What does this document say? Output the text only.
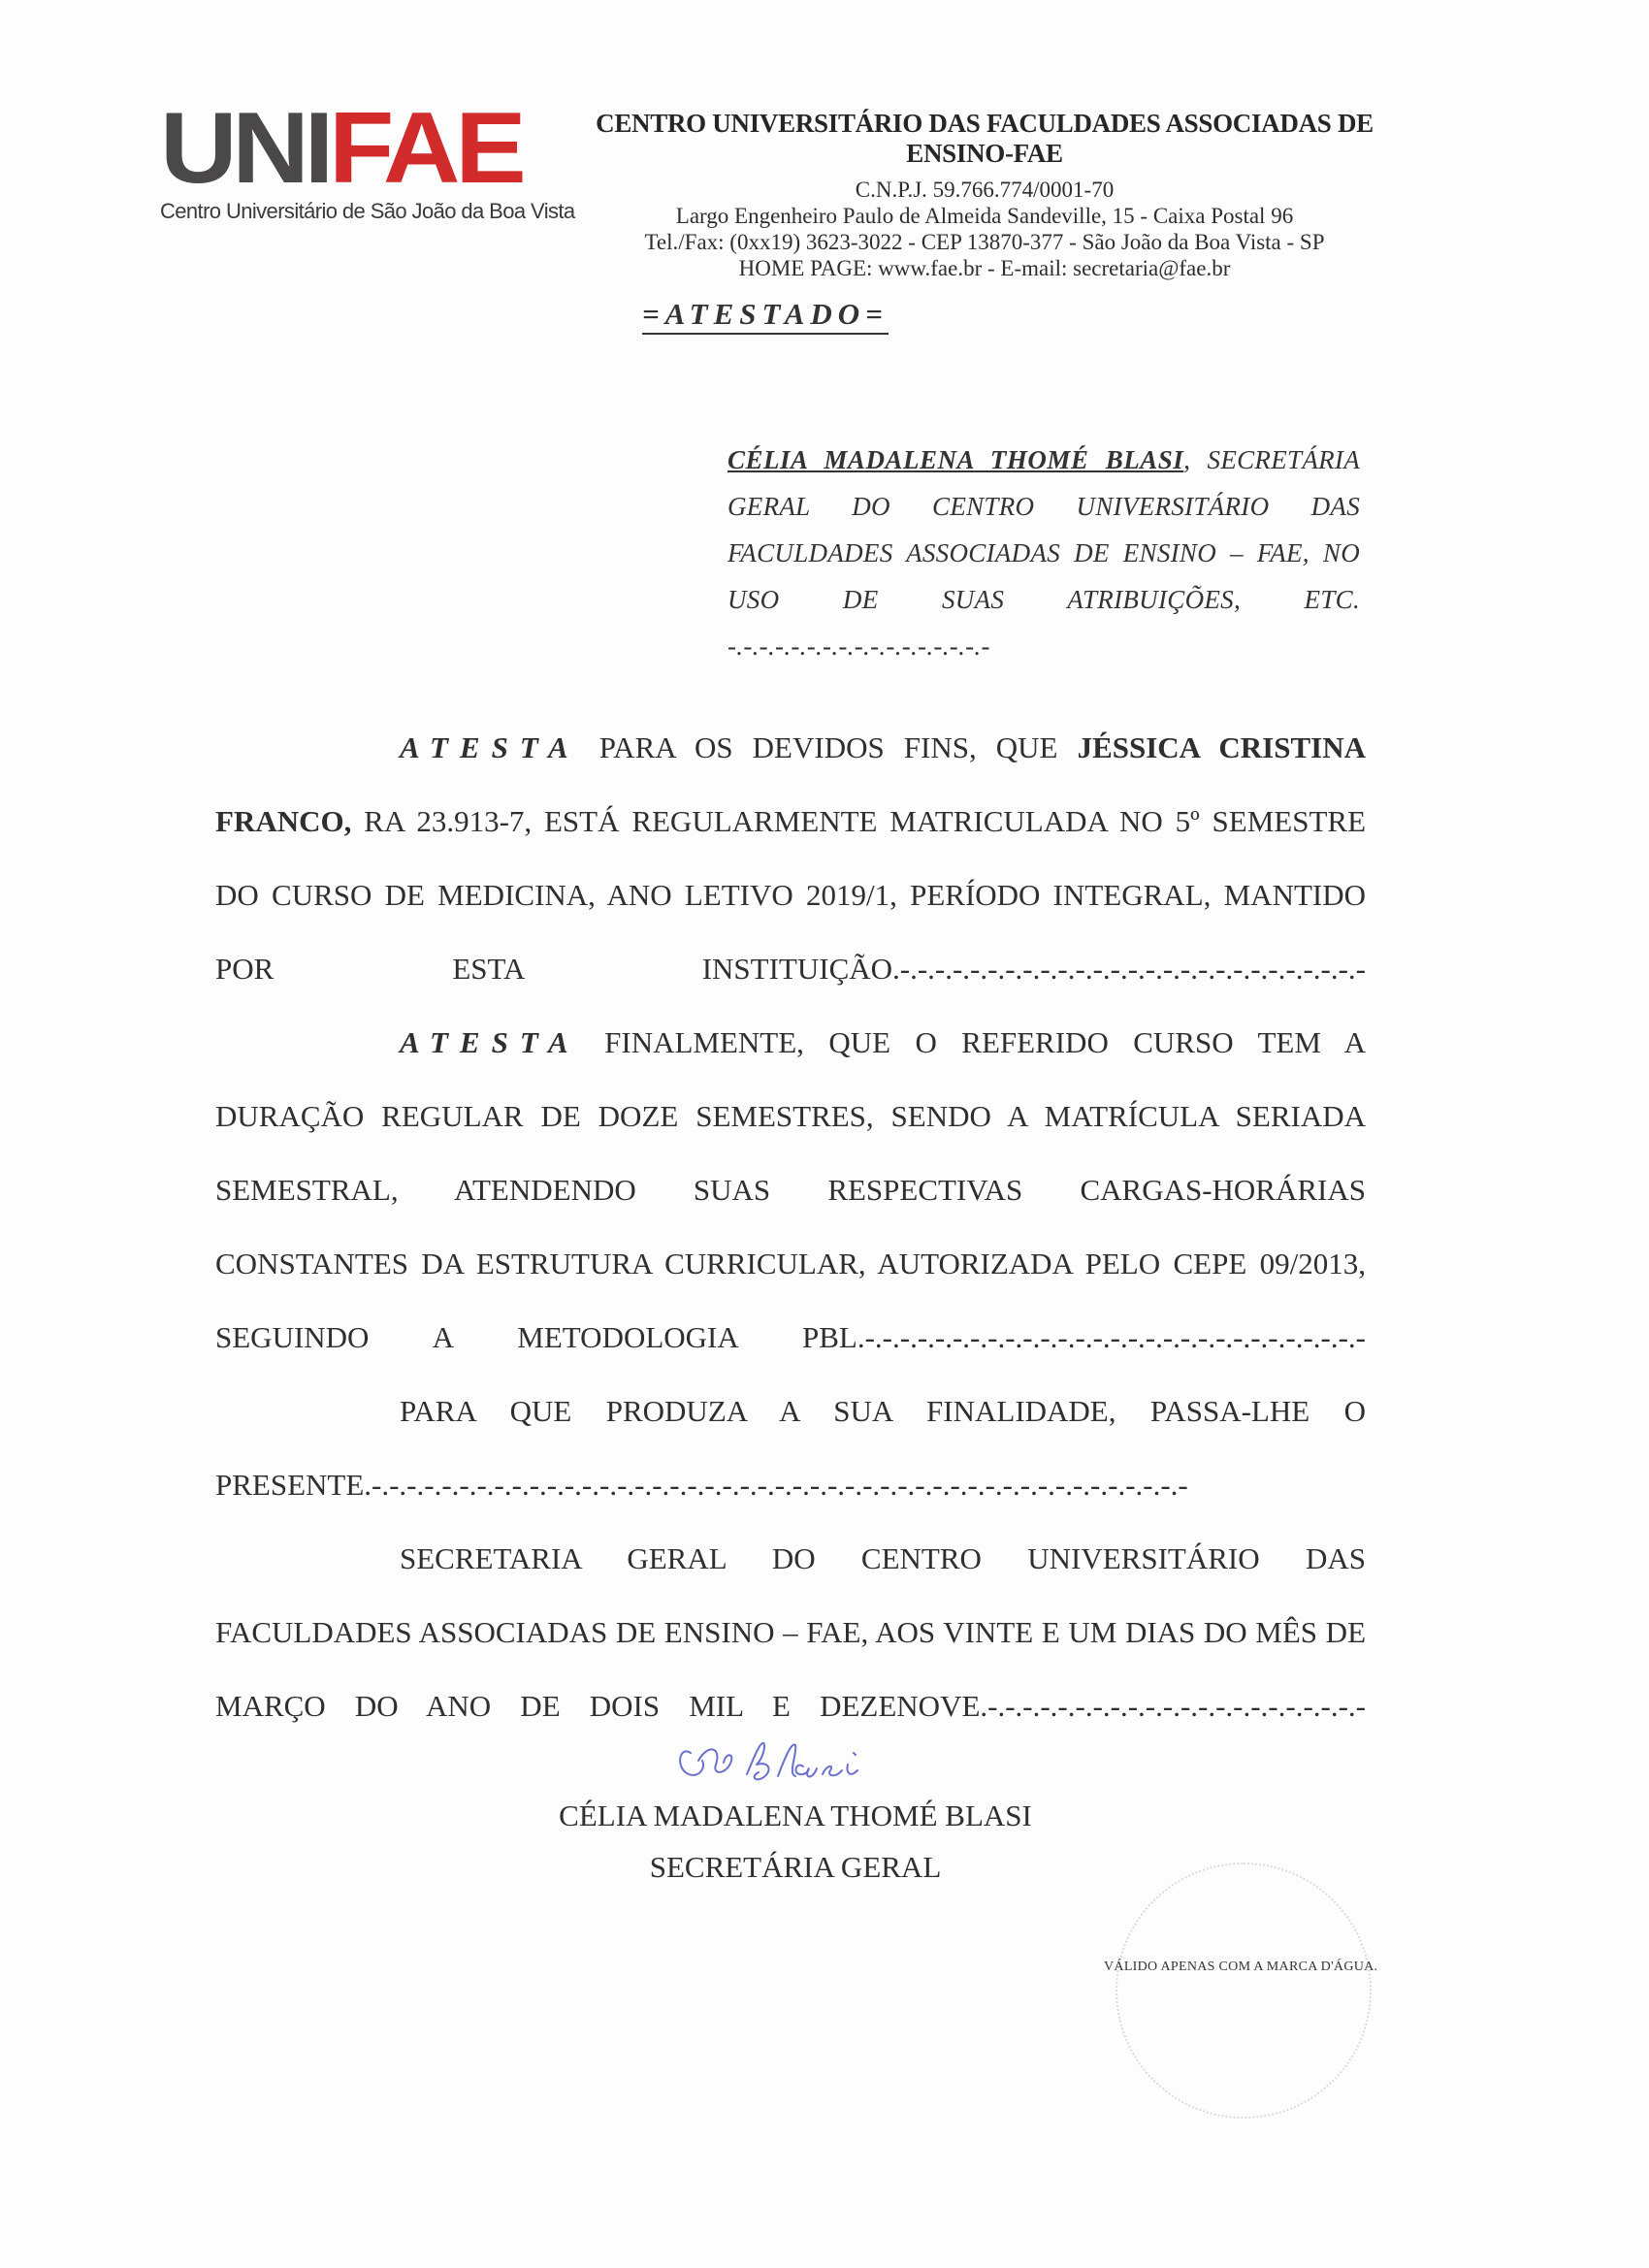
UNIFAE
Centro Universitário de São João da Boa Vista
CENTRO UNIVERSITÁRIO DAS FACULDADES ASSOCIADAS DE ENSINO-FAE
C.N.P.J. 59.766.774/0001-70
Largo Engenheiro Paulo de Almeida Sandeville, 15 - Caixa Postal 96
Tel./Fax: (0xx19) 3623-3022 - CEP 13870-377 - São João da Boa Vista - SP
HOME PAGE: www.fae.br - E-mail: secretaria@fae.br
=ATESTADO=
CÉLIA MADALENA THOMÉ BLASI, SECRETÁRIA GERAL DO CENTRO UNIVERSITÁRIO DAS FACULDADES ASSOCIADAS DE ENSINO – FAE, NO USO DE SUAS ATRIBUIÇÕES, ETC. -.-.-.-.-.-.-.-.-.-.-.-.-.-.-.-.-

ATESTA PARA OS DEVIDOS FINS, QUE JÉSSICA CRISTINA FRANCO, RA 23.913-7, ESTÁ REGULARMENTE MATRICULADA NO 5º SEMESTRE DO CURSO DE MEDICINA, ANO LETIVO 2019/1, PERÍODO INTEGRAL, MANTIDO POR ESTA INSTITUIÇÃO.-.-.-.-.-.-.-.-.-.-.-.-.-.-.-.-.-.-.-.-.-.-.-.-.-.-.-

ATESTA FINALMENTE, QUE O REFERIDO CURSO TEM A DURAÇÃO REGULAR DE DOZE SEMESTRES, SENDO A MATRÍCULA SERIADA SEMESTRAL, ATENDENDO SUAS RESPECTIVAS CARGAS-HORÁRIAS CONSTANTES DA ESTRUTURA CURRICULAR, AUTORIZADA PELO CEPE 09/2013, SEGUINDO A METODOLOGIA PBL.-.-.-.-.-.-.-.-.-.-.-.-.-.-.-.-.-.-.-.-.-.-.-.-.-.-.-.-.-

PARA QUE PRODUZA A SUA FINALIDADE, PASSA-LHE O PRESENTE.-.-.-.-.-.-.-.-.-.-.-.-.-.-.-.-.-.-.-.-.-.-.-.-.-.-.-.-.-.-.-.-.-.-.-.-.-.-.-.-.-.-.-.-.-.-.-

SECRETARIA GERAL DO CENTRO UNIVERSITÁRIO DAS FACULDADES ASSOCIADAS DE ENSINO – FAE, AOS VINTE E UM DIAS DO MÊS DE MARÇO DO ANO DE DOIS MIL E DEZENOVE.-.-.-.-.-.-.-.-.-.-.-.-.-.-.-.-.-.-.-.-.-.-

CÉLIA MADALENA THOMÉ BLASI
SECRETÁRIA GERAL
VÁLIDO APENAS COM A MARCA D'ÁGUA.
